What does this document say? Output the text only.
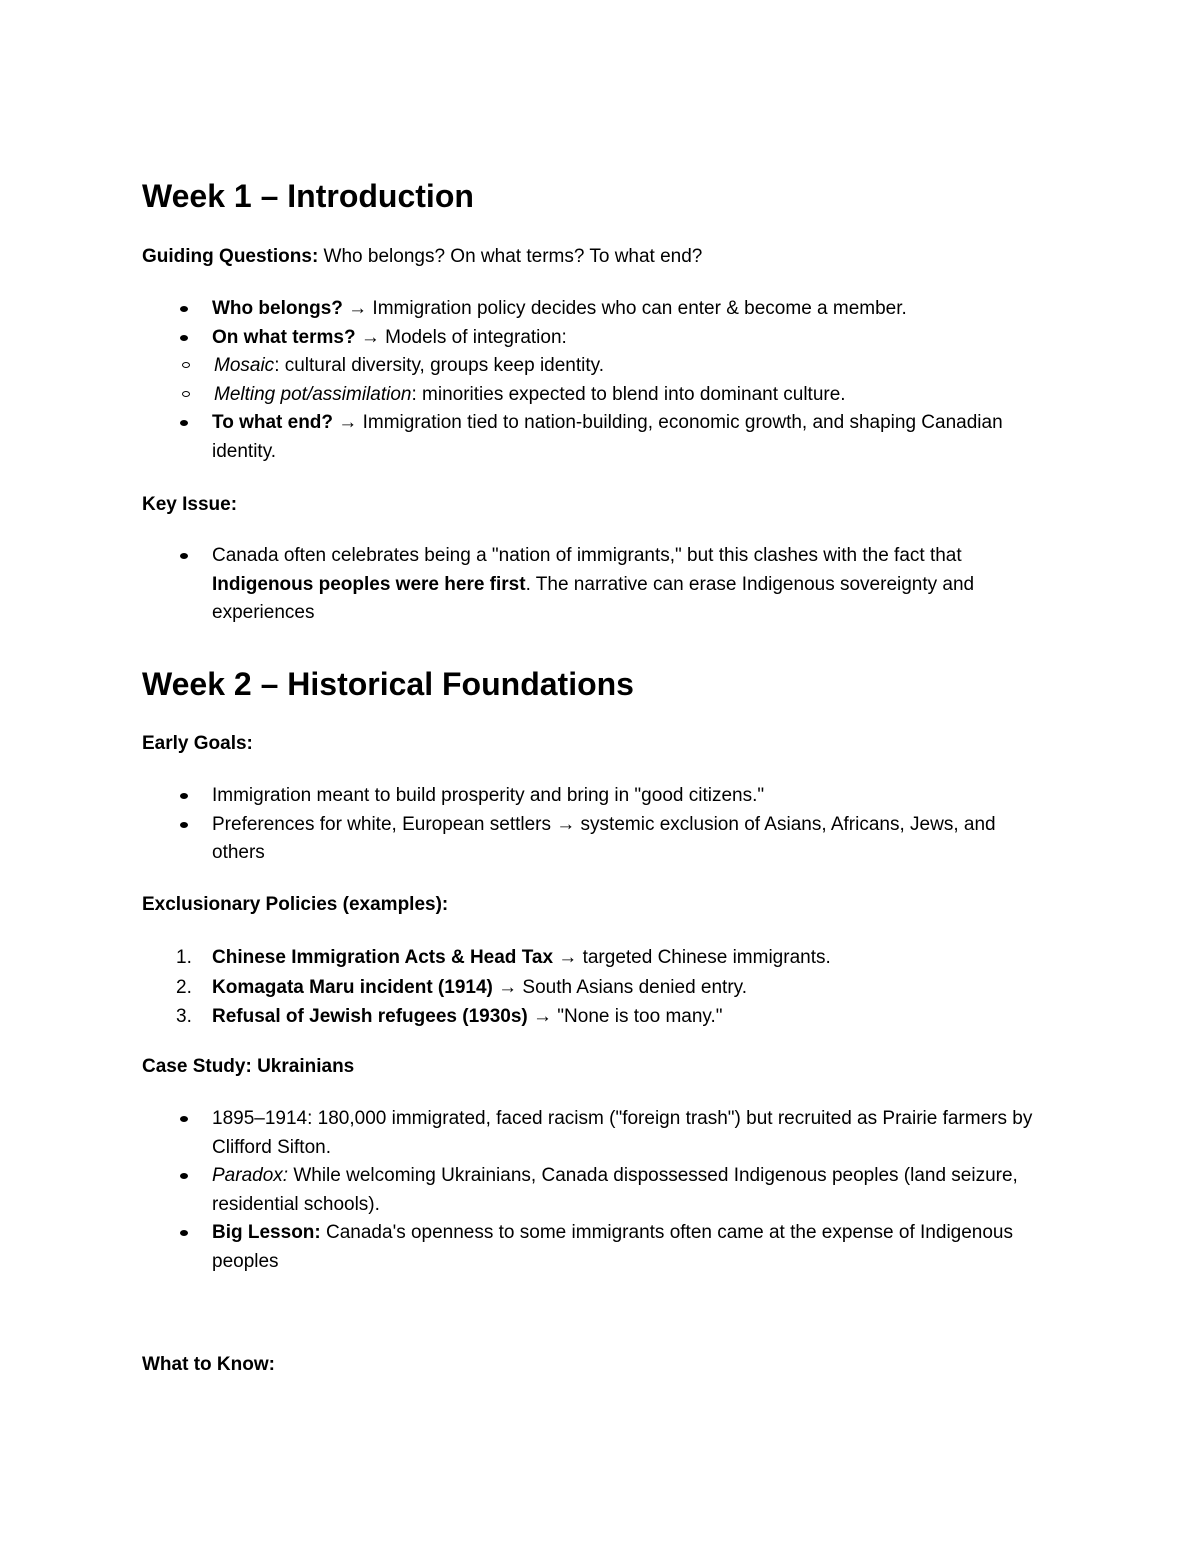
Week 1 – Introduction
Guiding Questions: Who belongs? On what terms? To what end?
Who belongs? → Immigration policy decides who can enter & become a member.
On what terms? → Models of integration:
Mosaic: cultural diversity, groups keep identity.
Melting pot/assimilation: minorities expected to blend into dominant culture.
To what end? → Immigration tied to nation-building, economic growth, and shaping Canadian identity.
Key Issue:
Canada often celebrates being a "nation of immigrants," but this clashes with the fact that Indigenous peoples were here first. The narrative can erase Indigenous sovereignty and experiences
Week 2 – Historical Foundations
Early Goals:
Immigration meant to build prosperity and bring in "good citizens."
Preferences for white, European settlers → systemic exclusion of Asians, Africans, Jews, and others
Exclusionary Policies (examples):
1. Chinese Immigration Acts & Head Tax → targeted Chinese immigrants.
2. Komagata Maru incident (1914) → South Asians denied entry.
3. Refusal of Jewish refugees (1930s) → "None is too many."
Case Study: Ukrainians
1895–1914: 180,000 immigrated, faced racism ("foreign trash") but recruited as Prairie farmers by Clifford Sifton.
Paradox: While welcoming Ukrainians, Canada dispossessed Indigenous peoples (land seizure, residential schools).
Big Lesson: Canada's openness to some immigrants often came at the expense of Indigenous peoples
What to Know:
